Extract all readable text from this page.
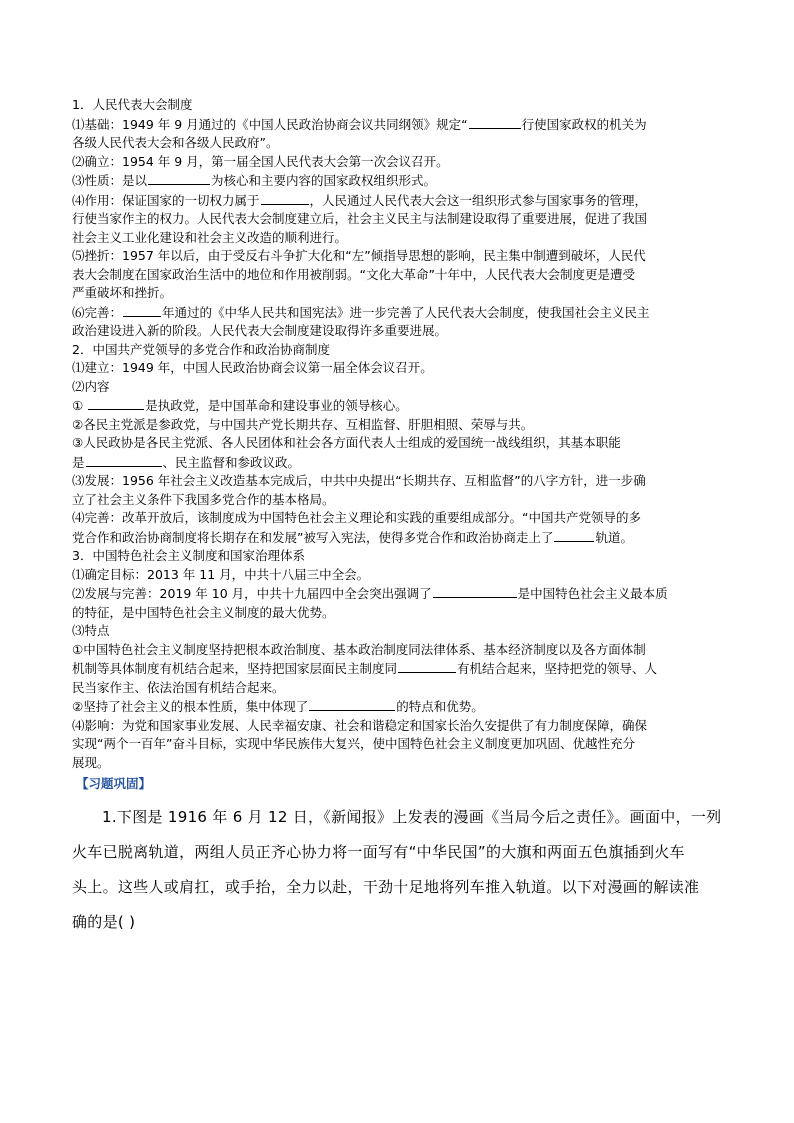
1．人民代表大会制度
⑴基础：1949 年 9 月通过的《中国人民政治协商会议共同纲领》规定“	行使国家政权的机关为
各级人民代表大会和各级人民政府”。
⑵确立：1954 年 9 月，第一届全国人民代表大会第一次会议召开。
⑶性质：是以	为核心和主要内容的国家政权组织形式。
⑷作用：保证国家的一切权力属于	，人民通过人民代表大会这一组织形式参与国家事务的管理，
行使当家作主的权力。人民代表大会制度建立后，社会主义民主与法制建设取得了重要进展，促进了我国
社会主义工业化建设和社会主义改造的顺利进行。
⑸挫折：1957 年以后，由于受反右斗争扩大化和“左”倾指导思想的影响，民主集中制遭到破坏，人民代
表大会制度在国家政治生活中的地位和作用被削弱。“文化大革命”十年中，人民代表大会制度更是遭受
严重破坏和挫折。
⑹完善：	年通过的《中华人民共和国宪法》进一步完善了人民代表大会制度，使我国社会主义民主
政治建设进入新的阶段。人民代表大会制度建设取得许多重要进展。
2．中国共产党领导的多党合作和政治协商制度
⑴建立：1949 年，中国人民政治协商会议第一届全体会议召开。
⑵内容
①	是执政党，是中国革命和建设事业的领导核心。
②各民主党派是参政党，与中国共产党长期共存、互相监督、肝胆相照、荣辱与共。
③人民政协是各民主党派、各人民团体和社会各方面代表人士组成的爱国统一战线组织，其基本职能
是	、民主监督和参政议政。
⑶发展：1956 年社会主义改造基本完成后，中共中央提出“长期共存、互相监督”的八字方针，进一步确
立了社会主义条件下我国多党合作的基本格局。
⑷完善：改革开放后，该制度成为中国特色社会主义理论和实践的重要组成部分。“中国共产党领导的多
党合作和政治协商制度将长期存在和发展”被写入宪法，使得多党合作和政治协商走上了	轨道。
3．中国特色社会主义制度和国家治理体系
⑴确定目标：2013 年 11 月，中共十八届三中全会。
⑵发展与完善：2019 年 10 月，中共十九届四中全会突出强调了	是中国特色社会主义最本质
的特征，是中国特色社会主义制度的最大优势。
⑶特点
①中国特色社会主义制度坚持把根本政治制度、基本政治制度同法律体系、基本经济制度以及各方面体制
机制等具体制度有机结合起来，坚持把国家层面民主制度同	有机结合起来，坚持把党的领导、人
民当家作主、依法治国有机结合起来。
②坚持了社会主义的根本性质，集中体现了	的特点和优势。
⑷影响：为党和国家事业发展、人民幸福安康、社会和谐稳定和国家长治久安提供了有力制度保障，确保
实现“两个一百年”奋斗目标，实现中华民族伟大复兴，使中国特色社会主义制度更加巩固、优越性充分
展现。
【习题巩固】
1.下图是 1916 年 6 月 12 日，《新闻报》上发表的漫画《当局今后之责任》。画面中，一列
火车已脱离轨道，两组人员正齐心协力将一面写有“中华民国”的大旗和两面五色旗插到火车
头上。这些人或肩扛，或手抬，全力以赴，干劲十足地将列车推入轨道。以下对漫画的解读准
确的是( )
